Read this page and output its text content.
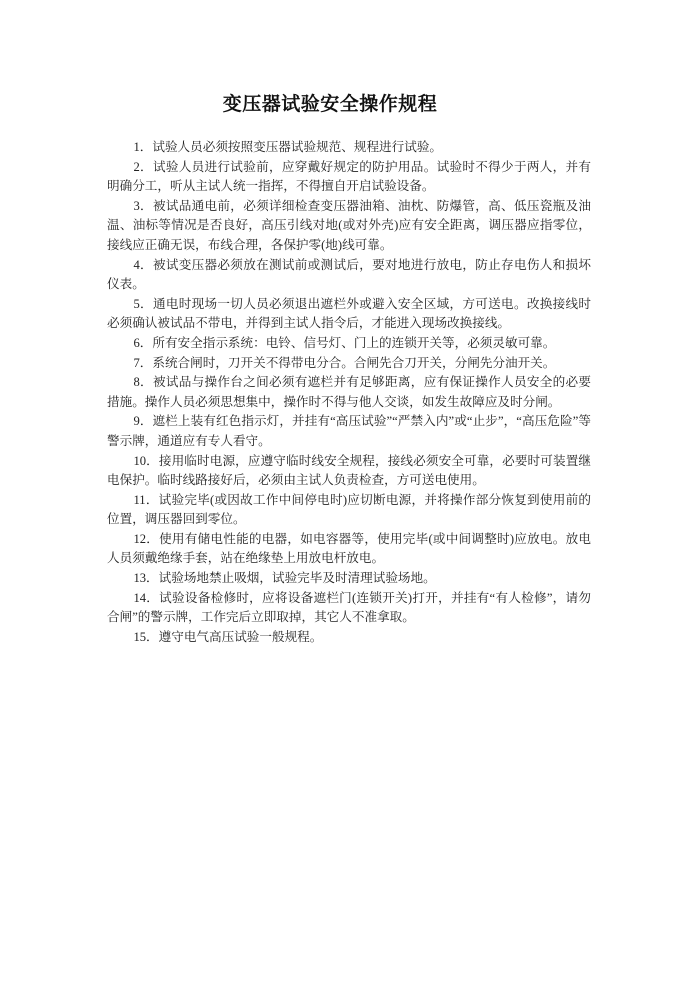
变压器试验安全操作规程

1．试验人员必须按照变压器试验规范、规程进行试验。

2．试验人员进行试验前，应穿戴好规定的防护用品。试验时不得少于两人，并有明确分工，听从主试人统一指挥，不得擅自开启试验设备。

3．被试品通电前，必须详细检查变压器油箱、油枕、防爆管，高、低压瓷瓶及油温、油标等情况是否良好，高压引线对地(或对外壳)应有安全距离，调压器应指零位，接线应正确无误，布线合理，各保护零(地)线可靠。

4．被试变压器必须放在测试前或测试后，要对地进行放电，防止存电伤人和损坏仪表。

5．通电时现场一切人员必须退出遮栏外或避入安全区域，方可送电。改换接线时必须确认被试品不带电，并得到主试人指令后，才能进入现场改换接线。

6．所有安全指示系统：电铃、信号灯、门上的连锁开关等，必须灵敏可靠。

7．系统合闸时，刀开关不得带电分合。合闸先合刀开关，分闸先分油开关。

8．被试品与操作台之间必须有遮栏并有足够距离，应有保证操作人员安全的必要措施。操作人员必须思想集中，操作时不得与他人交谈，如发生故障应及时分闸。

9．遮栏上装有红色指示灯，并挂有“高压试验”“严禁入内”或“止步”，“高压危险”等警示牌，通道应有专人看守。

10．接用临时电源，应遵守临时线安全规程，接线必须安全可靠，必要时可装置继电保护。临时线路接好后，必须由主试人负责检查，方可送电使用。

11．试验完毕(或因故工作中间停电时)应切断电源，并将操作部分恢复到使用前的位置，调压器回到零位。

12．使用有储电性能的电器，如电容器等，使用完毕(或中间调整时)应放电。放电人员须戴绝缘手套，站在绝缘垫上用放电杆放电。

13．试验场地禁止吸烟，试验完毕及时清理试验场地。

14．试验设备检修时，应将设备遮栏门(连锁开关)打开，并挂有“有人检修”，请勿合闸”的警示牌，工作完后立即取掉，其它人不准拿取。

15．遵守电气高压试验一般规程。
